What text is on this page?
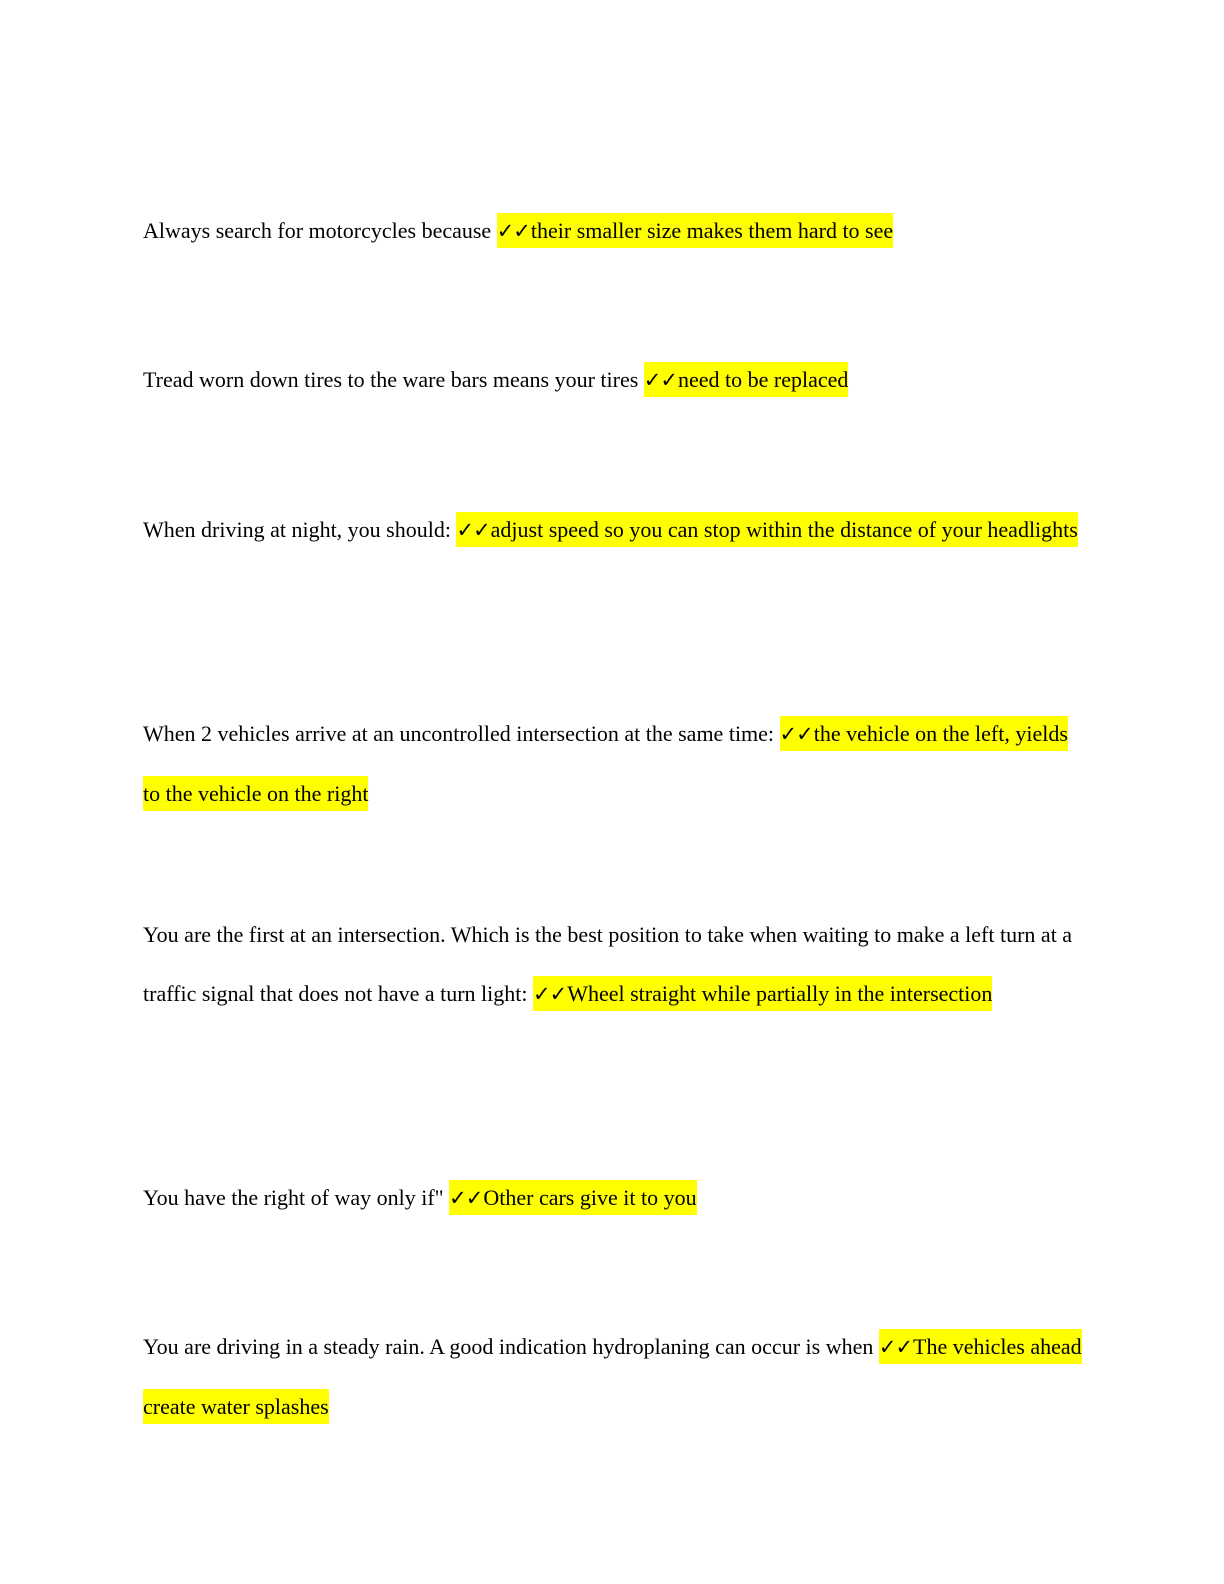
Always search for motorcycles because ✓✓their smaller size makes them hard to see

Tread worn down tires to the ware bars means your tires ✓✓need to be replaced

When driving at night, you should: ✓✓adjust speed so you can stop within the distance of your headlights

When 2 vehicles arrive at an uncontrolled intersection at the same time: ✓✓the vehicle on the left, yields to the vehicle on the right

You are the first at an intersection. Which is the best position to take when waiting to make a left turn at a traffic signal that does not have a turn light: ✓✓Wheel straight while partially in the intersection

You have the right of way only if" ✓✓Other cars give it to you

You are driving in a steady rain. A good indication hydroplaning can occur is when ✓✓The vehicles ahead create water splashes
